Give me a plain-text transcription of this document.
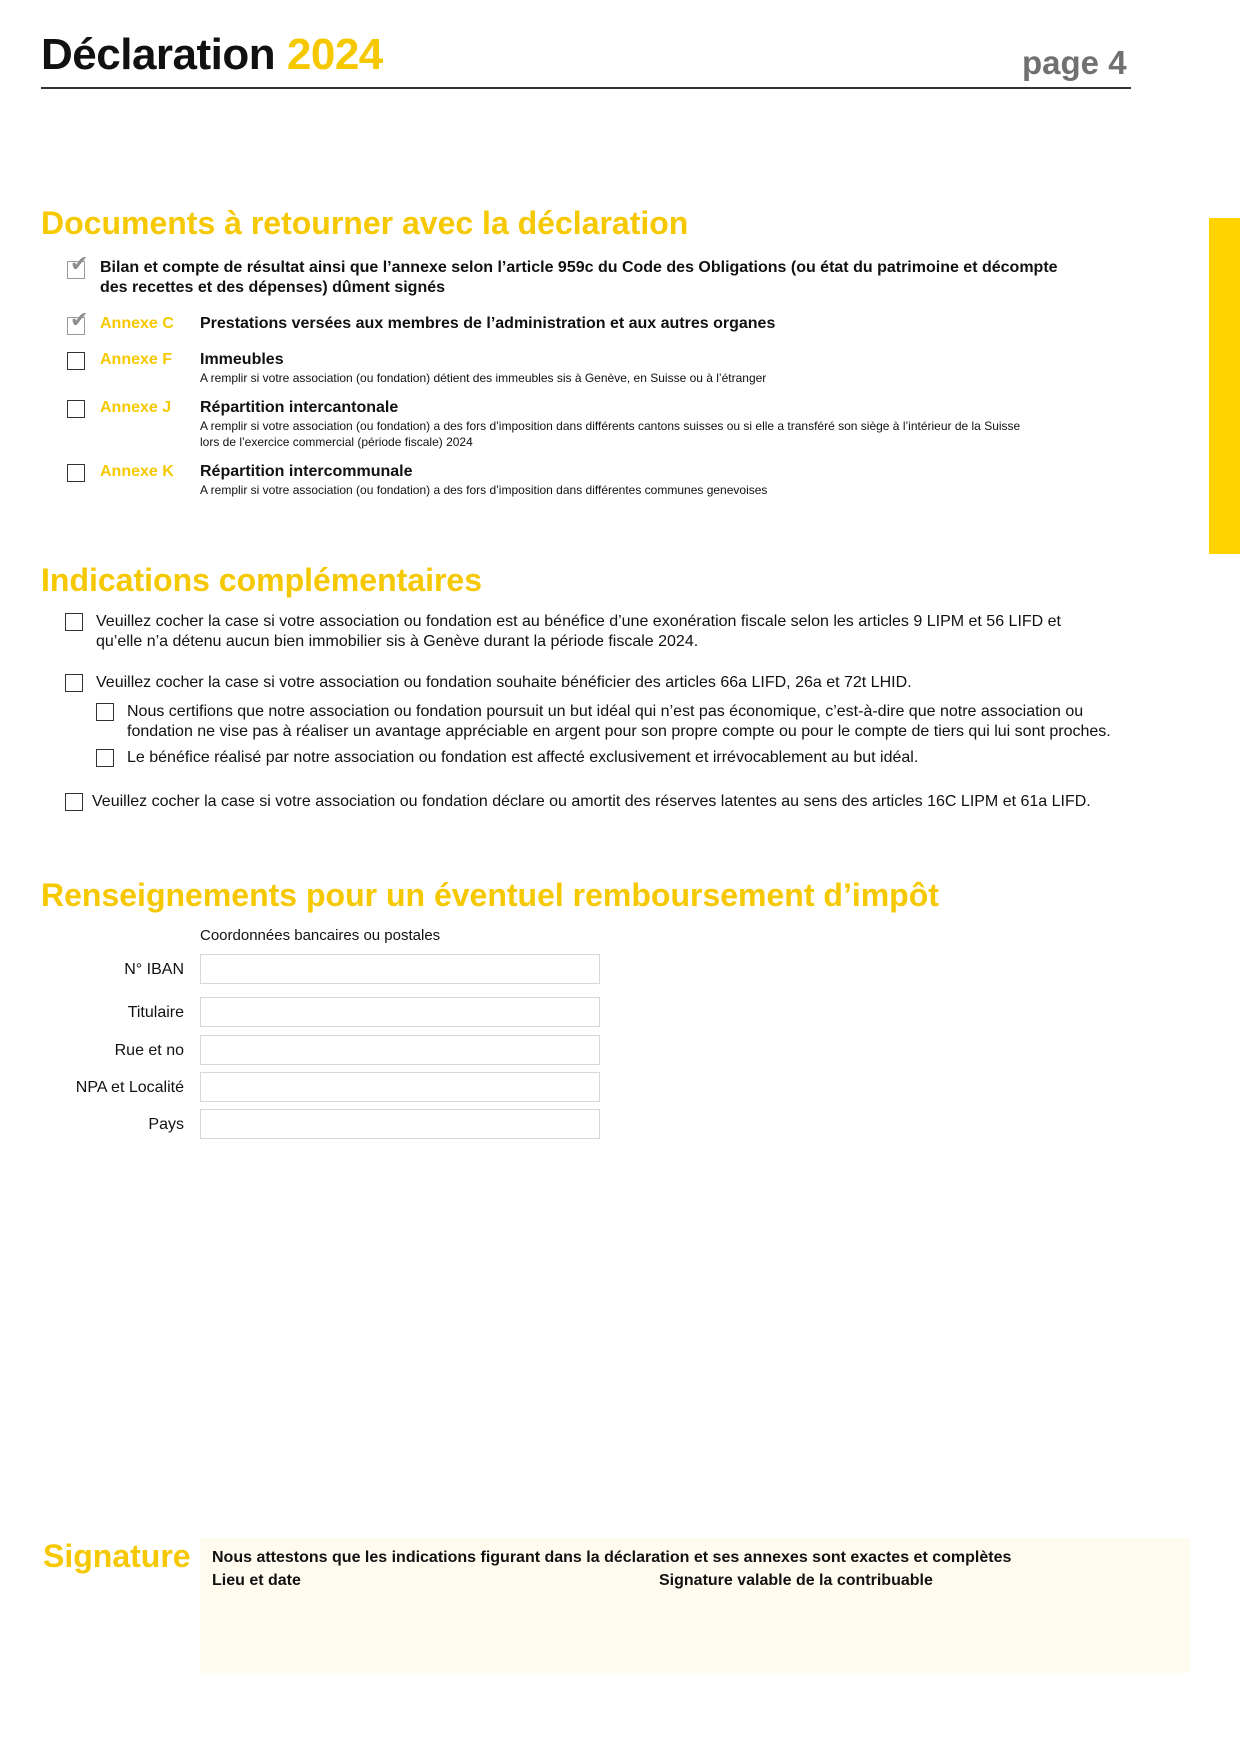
Déclaration 2024	page 4
Documents à retourner avec la déclaration
✔ Bilan et compte de résultat ainsi que l’annexe selon l’article 959c du Code des Obligations (ou état du patrimoine et décompte
des recettes et des dépenses) dûment signés
✔ Annexe C Prestations versées aux membres de l’administration et aux autres organes
Annexe F Immeubles
A remplir si votre association (ou fondation) détient des immeubles sis à Genève, en Suisse ou à l’étranger
Annexe J Répartition intercantonale
A remplir si votre association (ou fondation) a des fors d’imposition dans différents cantons suisses ou si elle a transféré son siège à l’intérieur de la Suisse
lors de l’exercice commercial (période fiscale) 2024
Annexe K Répartition intercommunale
A remplir si votre association (ou fondation) a des fors d’imposition dans différentes communes genevoises
Indications complémentaires
Veuillez cocher la case si votre association ou fondation est au bénéfice d’une exonération fiscale selon les articles 9 LIPM et 56 LIFD et
qu’elle n’a détenu aucun bien immobilier sis à Genève durant la période fiscale 2024.
Veuillez cocher la case si votre association ou fondation souhaite bénéficier des articles 66a LIFD, 26a et 72t LHID.
Nous certifions que notre association ou fondation poursuit un but idéal qui n’est pas économique, c’est-à-dire que notre association ou
fondation ne vise pas à réaliser un avantage appréciable en argent pour son propre compte ou pour le compte de tiers qui lui sont proches.
Le bénéfice réalisé par notre association ou fondation est affecté exclusivement et irrévocablement au but idéal.
Veuillez cocher la case si votre association ou fondation déclare ou amortit des réserves latentes au sens des articles 16C LIPM et 61a LIFD.
Renseignements pour un éventuel remboursement d’impôt
Coordonnées bancaires ou postales
N° IBAN
Titulaire
Rue et no
NPA et Localité
Pays
Signature Nous attestons que les indications figurant dans la déclaration et ses annexes sont exactes et complètes
Lieu et date	Signature valable de la contribuable
